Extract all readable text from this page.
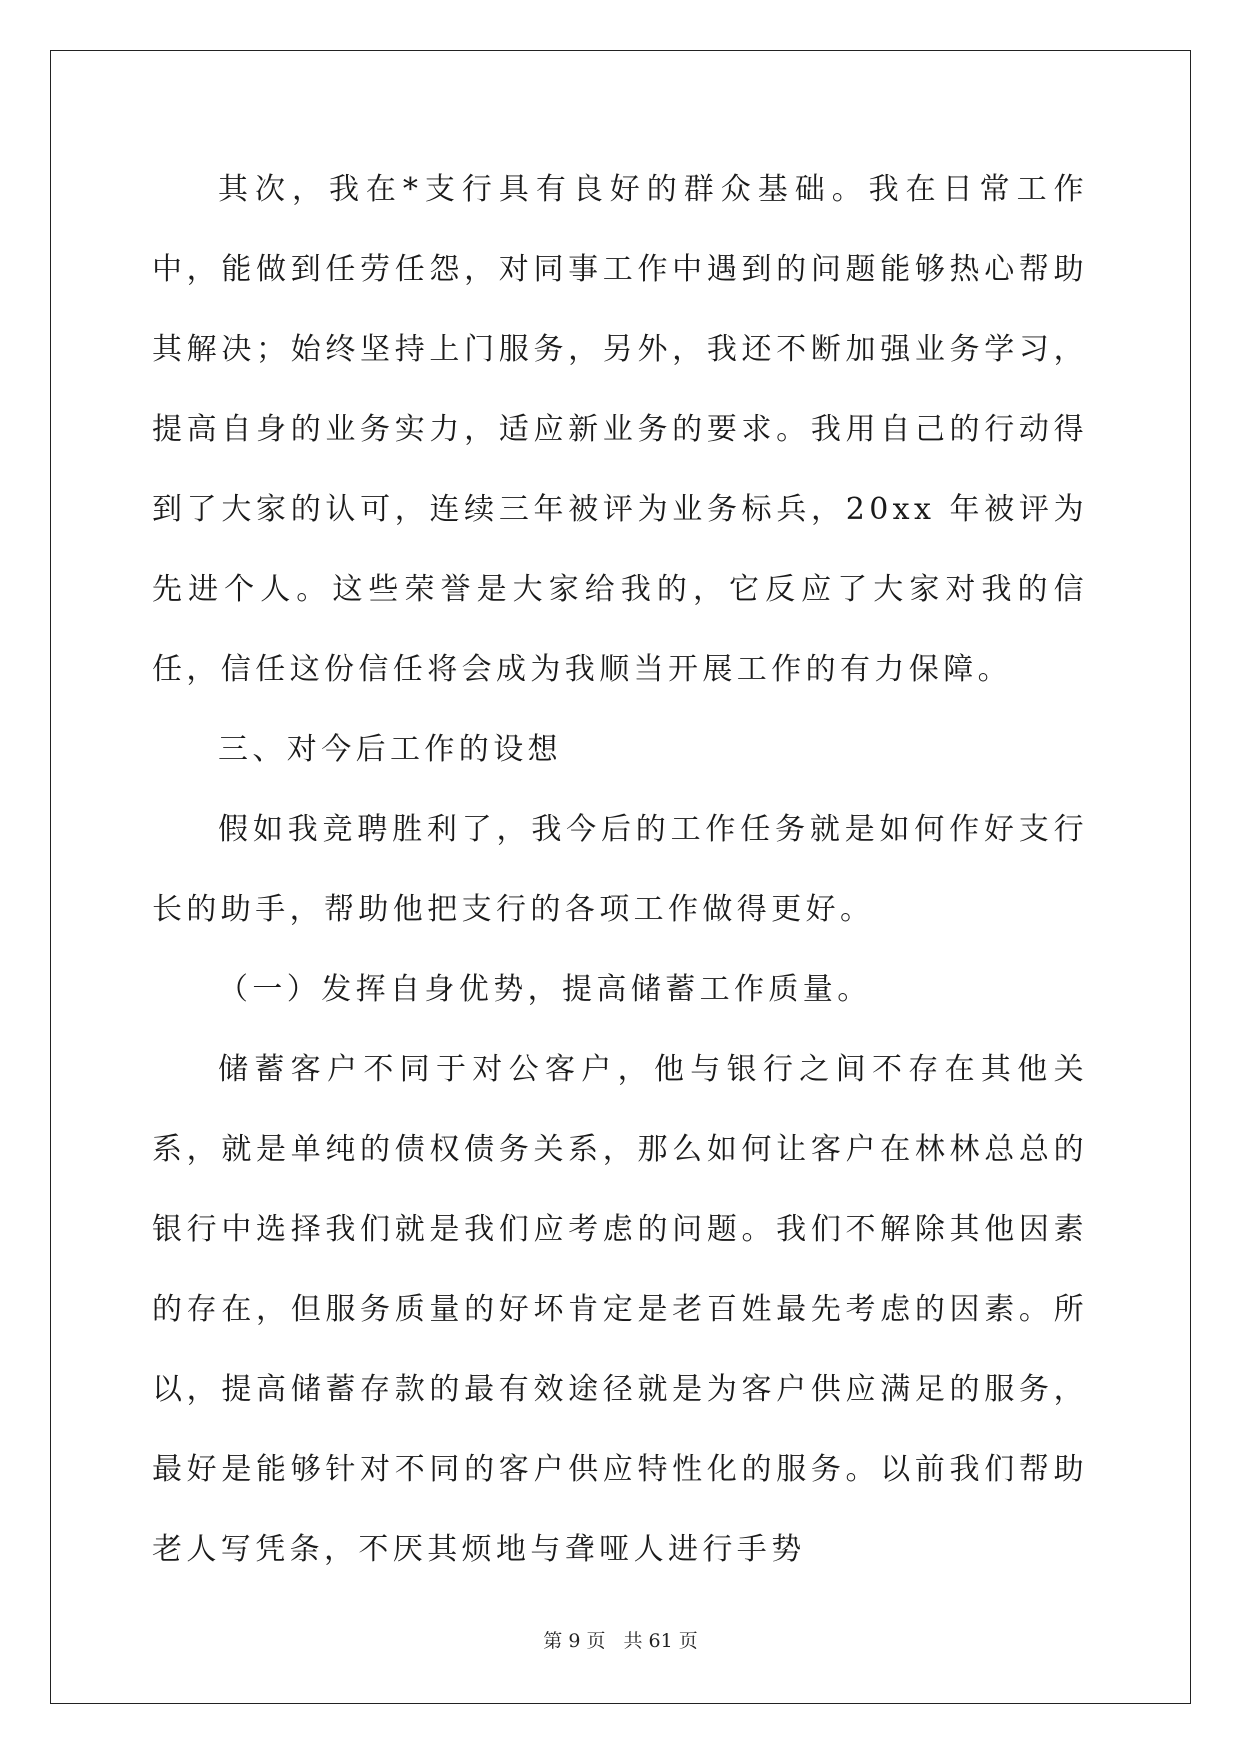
其次，我在*支行具有良好的群众基础。我在日常工作中，能做到任劳任怨，对同事工作中遇到的问题能够热心帮助其解决；始终坚持上门服务，另外，我还不断加强业务学习，提高自身的业务实力，适应新业务的要求。我用自己的行动得到了大家的认可，连续三年被评为业务标兵，20xx 年被评为先进个人。这些荣誉是大家给我的，它反应了大家对我的信任，信任这份信任将会成为我顺当开展工作的有力保障。

三、对今后工作的设想

假如我竞聘胜利了，我今后的工作任务就是如何作好支行长的助手，帮助他把支行的各项工作做得更好。

（一）发挥自身优势，提高储蓄工作质量。

储蓄客户不同于对公客户，他与银行之间不存在其他关系，就是单纯的债权债务关系，那么如何让客户在林林总总的银行中选择我们就是我们应考虑的问题。我们不解除其他因素的存在，但服务质量的好坏肯定是老百姓最先考虑的因素。所以，提高储蓄存款的最有效途径就是为客户供应满足的服务，最好是能够针对不同的客户供应特性化的服务。以前我们帮助老人写凭条，不厌其烦地与聋哑人进行手势

第 9 页 共 61 页
